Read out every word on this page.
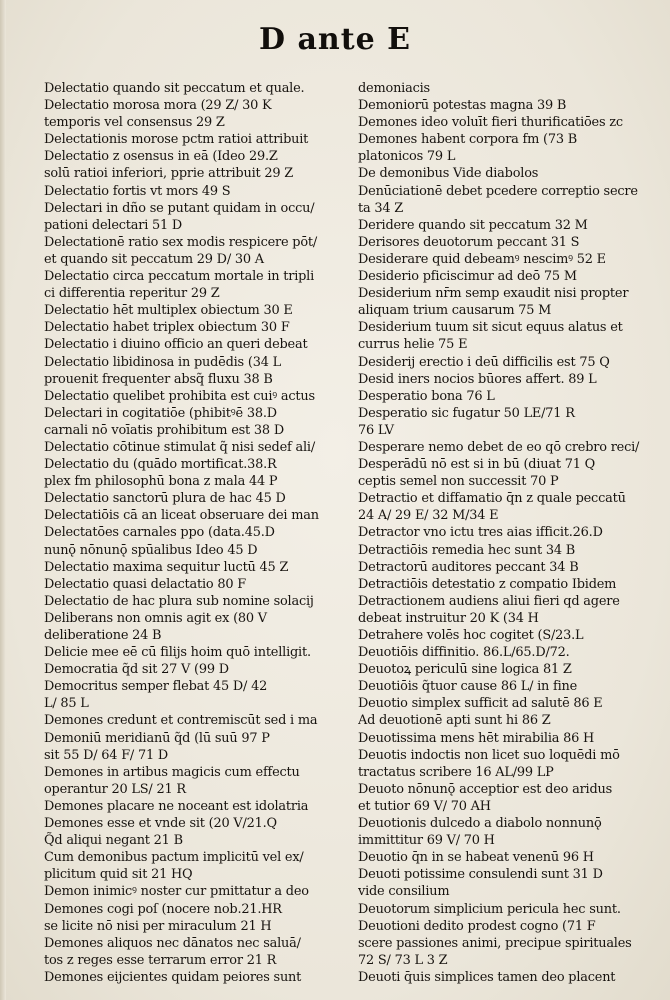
D ante E
Delectatio quando sit peccatum et quale.
Delectatio morosa mora (29 Z/ 30 K
temporis vel consensus 29 Z
Delectationis morose pctm ratioi attribuit
Delectatio z osensus in eā (Ideo 29.Z
solū ratioi inferiori, pprie attribuit 29 Z
Delectatio fortis vt mors 49 S
Delectari in dño se putant quidam in occu/
pationi delectari 51 D
Delectationē ratio sex modis respicere pōt/
et quando sit peccatum 29 D/ 30 A
Delectatio circa peccatum mortale in tripli
ci differentia reperitur 29 Z
Delectatio hēt multiplex obiectum 30 E
Delectatio habet triplex obiectum 30 F
Delectatio i diuino officio an queri debeat
Delectatio libidinosa in pudēdis (34 L
prouenit frequenter absq̃ fluxu 38 B
Delectatio quelibet prohibita est cuiꝰ actus
Delectari in cogitatiōe (phibitꝰē 38.D
carnali nō voīatis prohibitum est 38 D
Delectatio cōtinue stimulat q̃ nisi sedef ali/
Delectatio du (quādo mortificat.38.R
plex fm philosophū bona z mala 44 P
Delectatio sanctorū plura de hac 45 D
Delectatiōis cā an liceat obseruare dei man
Delectatōes carnales ppo (data.45.D
nunǭ nōnunǭ spūalibus Ideo 45 D
Delectatio maxima sequitur luctū 45 Z
Delectatio quasi delactatio 80 F
Delectatio de hac plura sub nomine solacij
Deliberans non omnis agit ex (80 V
deliberatione 24 B
Delicie mee eē cū filijs hoim quō intelligit.
Democratia q̃d sit 27 V (99 D
Democritus semper flebat 45 D/ 42
L/ 85 L
Demones credunt et contremiscūt sed i ma
Demoniū meridianū q̃d (lū suū 97 P
sit 55 D/ 64 F/ 71 D
Demones in artibus magicis cum effectu
operantur 20 LS/ 21 R
Demones placare ne noceant est idolatria
Demones esse et vnde sit (20 V/21.Q
Q̃d aliqui negant 21 B
Cum demonibus pactum implicitū vel ex/
plicitum quid sit 21 HQ
Demon inimicꝰ noster cur pmittatur a deo
Demones cogi poſ (nocere nob.21.HR
se licite nō nisi per miraculum 21 H
Demones aliquos nec dānatos nec saluā/
tos z reges esse terrarum error 21 R
Demones eijcientes quidam peiores sunt
demoniacis
Demoniorū potestas magna 39 B
Demones ideo voluīt fieri thurificatiōes zc
Demones habent corpora fm (73 B
platonicos 79 L
De demonibus Vide diabolos
Denūciationē debet pcedere correptio secre
ta 34 Z
Deridere quando sit peccatum 32 M
Derisores deuotorum peccant 31 S
Desiderare quid debeamꝰ nescimꝰ 52 E
Desiderio pficiscimur ad deō 75 M
Desiderium nr̄m semp exaudit nisi propter
aliquam trium causarum 75 M
Desiderium tuum sit sicut equus alatus et
currus helie 75 E
Desiderij erectio i deū difficilis est 75 Q
Desid iners nocios būores affert. 89 L
Desperatio bona 76 L
Desperatio sic fugatur 50 LE/71 R
76 LV
Desperare nemo debet de eo qō crebro reci/
Desperādū nō est si in bū (diuat 71 Q
ceptis semel non successit 70 P
Detractio et diffamatio q̄n z quale peccatū
24 A/ 29 E/ 32 M/34 E
Detractor vno ictu tres aias ifficit.26.D
Detractiōis remedia hec sunt 34 B
Detractorū auditores peccant 34 B
Detractiōis detestatio z compatio Ibidem
Detractionem audiens aliui fieri qd agere
debeat instruitur 20 K (34 H
Detrahere volēs hoc cogitet (S/23.L
Deuotiōis diffinitio. 86.L/65.D/72.
Deuotoꝝ periculū sine logica 81 Z
Deuotiōis q̃tuor cause 86 L/ in fine
Deuotio simplex sufficit ad salutē 86 E
Ad deuotionē apti sunt hi 86 Z
Deuotissima mens hēt mirabilia 86 H
Deuotis indoctis non licet suo loquēdi mō
tractatus scribere 16 AL/99 LP
Deuoto nōnunǭ acceptior est deo aridus
et tutior 69 V/ 70 AH
Deuotionis dulcedo a diabolo nonnunǭ
immittitur 69 V/ 70 H
Deuotio q̄n in se habeat venenū 96 H
Deuoti potissime consulendi sunt 31 D
vide consilium
Deuotorum simplicium pericula hec sunt.
Deuotioni dedito prodest cogno (71 F
scere passiones animi, precipue spirituales
72 S/ 73 L 3 Z
Deuoti q̄uis simplices tamen deo placent
